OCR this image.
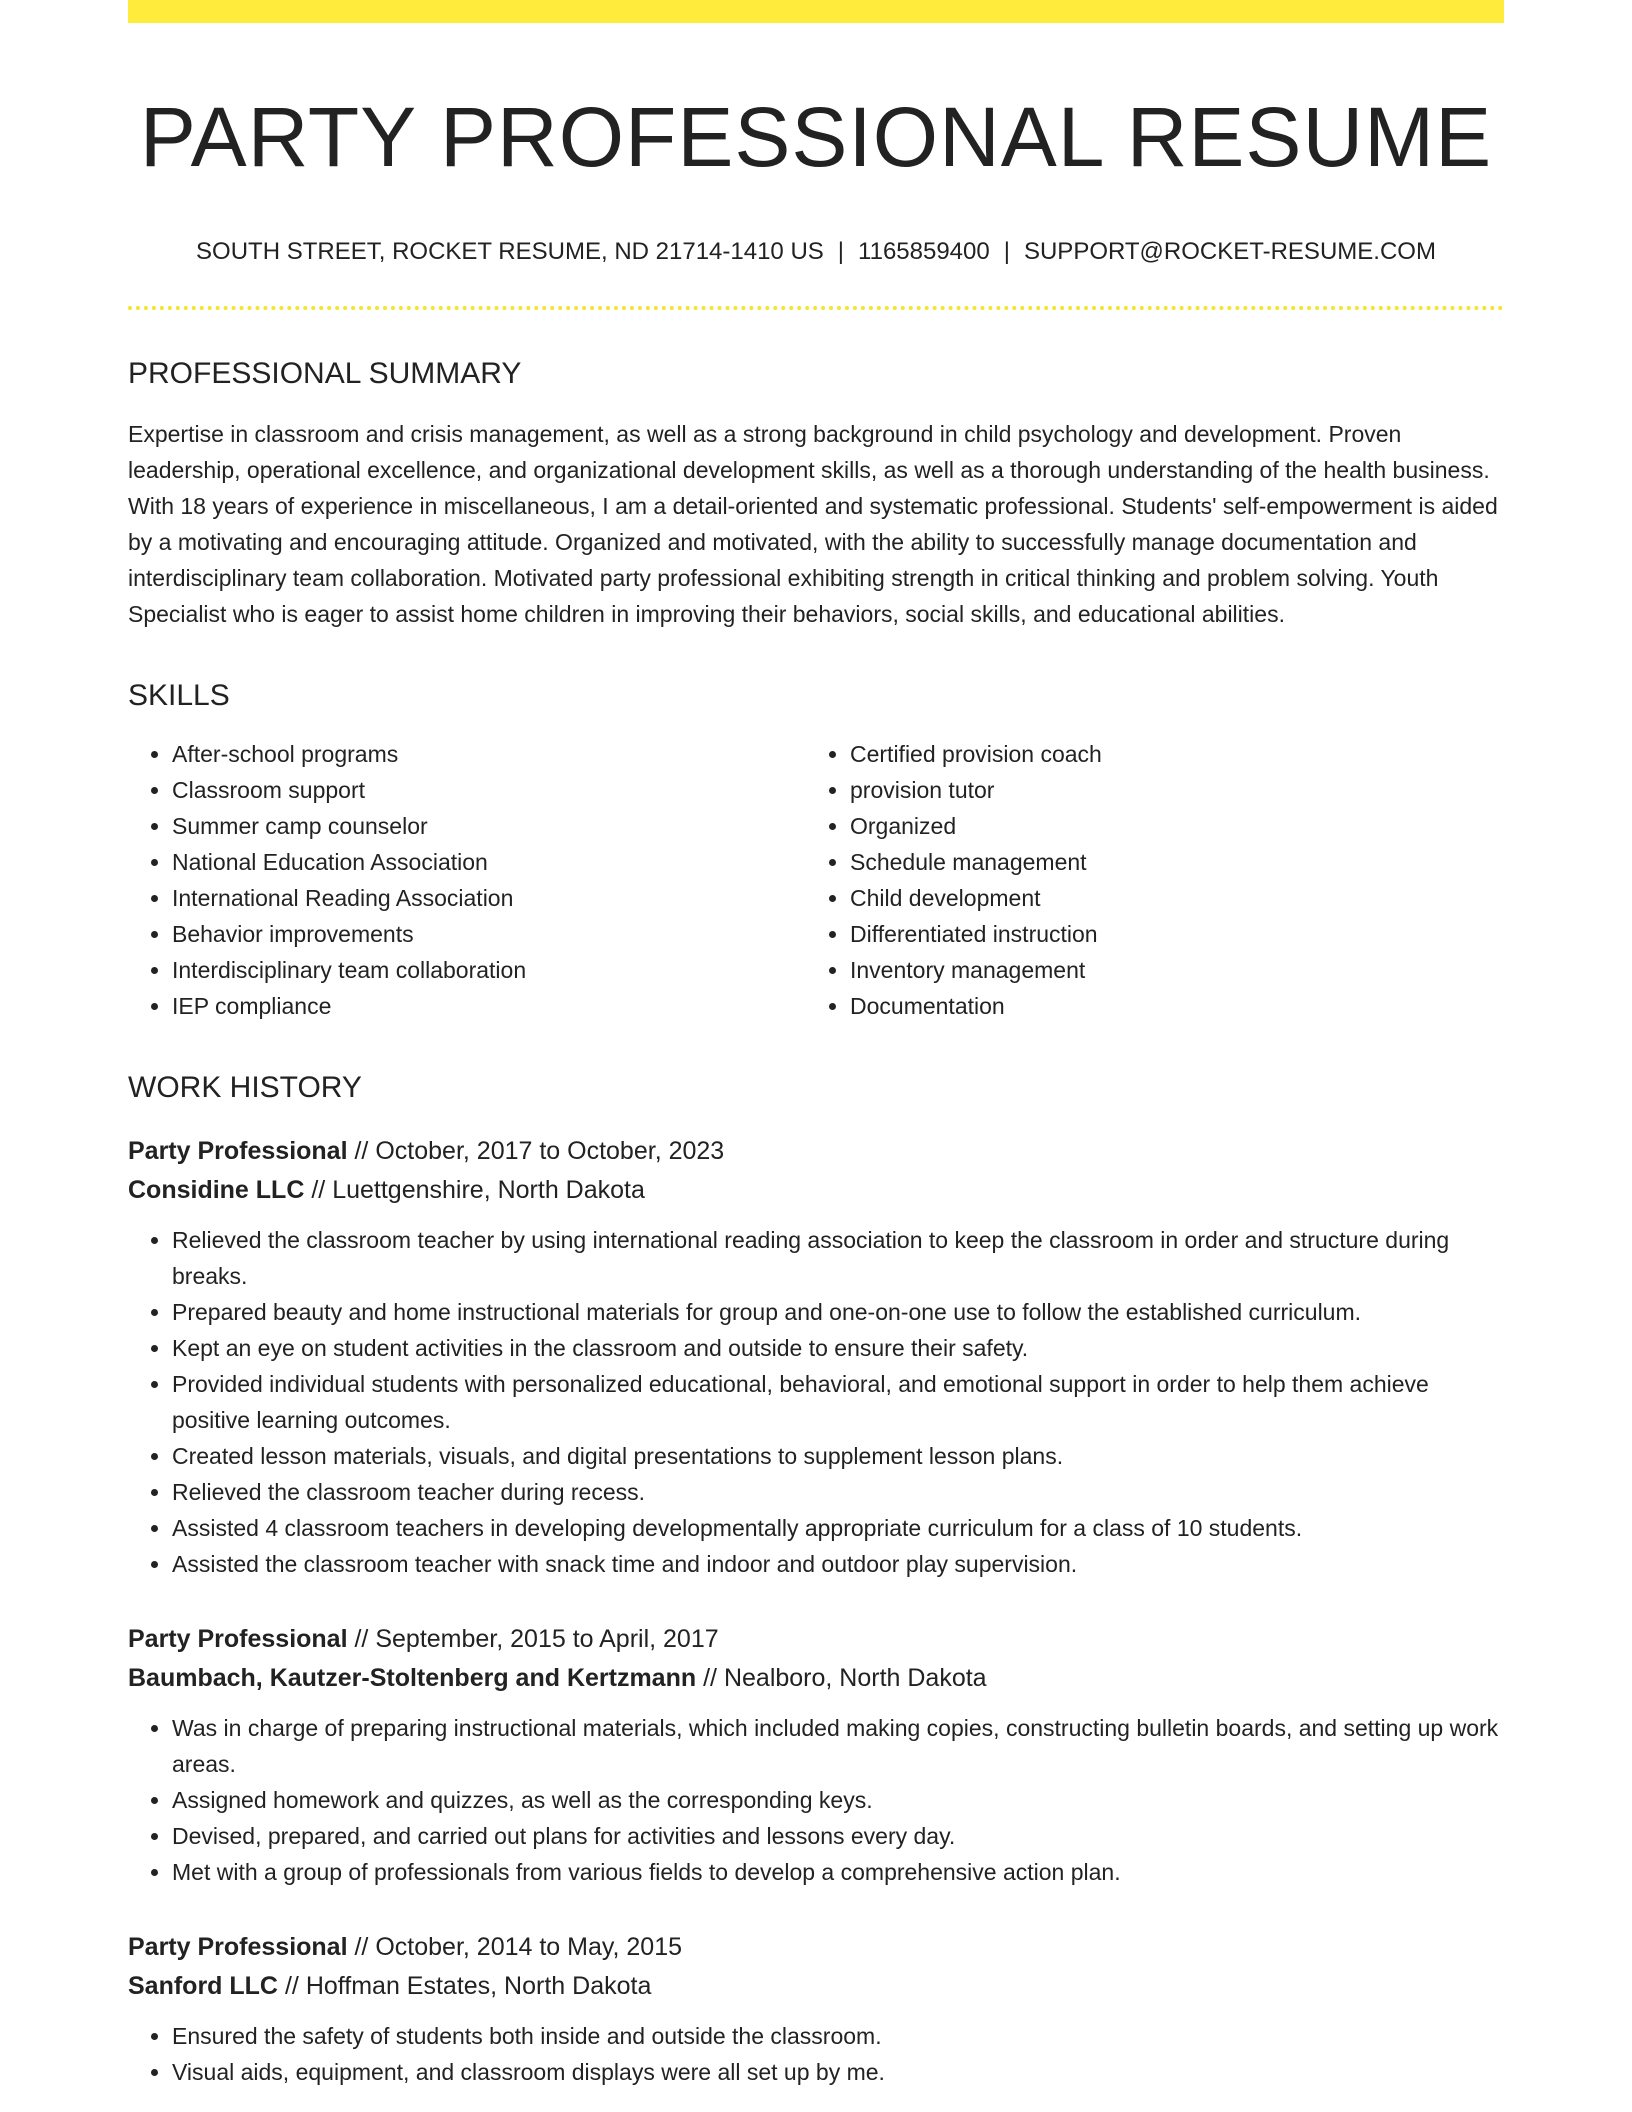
PARTY PROFESSIONAL RESUME
SOUTH STREET, ROCKET RESUME, ND 21714-1410 US | 1165859400 | SUPPORT@ROCKET-RESUME.COM
PROFESSIONAL SUMMARY

Expertise in classroom and crisis management, as well as a strong background in child psychology and development. Proven leadership, operational excellence, and organizational development skills, as well as a thorough understanding of the health business. With 18 years of experience in miscellaneous, I am a detail-oriented and systematic professional. Students' self-empowerment is aided by a motivating and encouraging attitude. Organized and motivated, with the ability to successfully manage documentation and interdisciplinary team collaboration. Motivated party professional exhibiting strength in critical thinking and problem solving. Youth Specialist who is eager to assist home children in improving their behaviors, social skills, and educational abilities.

SKILLS
• After-school programs
• Classroom support
• Summer camp counselor
• National Education Association
• International Reading Association
• Behavior improvements
• Interdisciplinary team collaboration
• IEP compliance
• Certified provision coach
• provision tutor
• Organized
• Schedule management
• Child development
• Differentiated instruction
• Inventory management
• Documentation
WORK HISTORY
Party Professional // October, 2017 to October, 2023
Considine LLC // Luettgenshire, North Dakota
• Relieved the classroom teacher by using international reading association to keep the classroom in order and structure during breaks.
• Prepared beauty and home instructional materials for group and one-on-one use to follow the established curriculum.
• Kept an eye on student activities in the classroom and outside to ensure their safety.
• Provided individual students with personalized educational, behavioral, and emotional support in order to help them achieve positive learning outcomes.
• Created lesson materials, visuals, and digital presentations to supplement lesson plans.
• Relieved the classroom teacher during recess.
• Assisted 4 classroom teachers in developing developmentally appropriate curriculum for a class of 10 students.
• Assisted the classroom teacher with snack time and indoor and outdoor play supervision.
Party Professional // September, 2015 to April, 2017
Baumbach, Kautzer-Stoltenberg and Kertzmann // Nealboro, North Dakota
• Was in charge of preparing instructional materials, which included making copies, constructing bulletin boards, and setting up work areas.
• Assigned homework and quizzes, as well as the corresponding keys.
• Devised, prepared, and carried out plans for activities and lessons every day.
• Met with a group of professionals from various fields to develop a comprehensive action plan.
Party Professional // October, 2014 to May, 2015
Sanford LLC // Hoffman Estates, North Dakota
• Ensured the safety of students both inside and outside the classroom.
• Visual aids, equipment, and classroom displays were all set up by me.
